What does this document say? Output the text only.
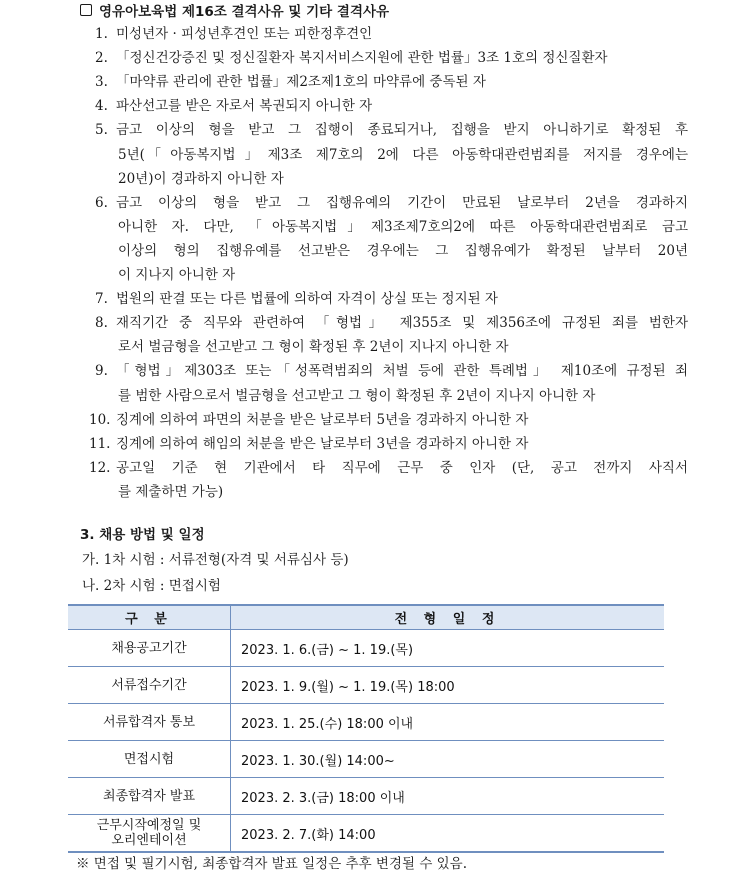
영유아보육법 제16조 결격사유 및 기타 결격사유
1. 미성년자 · 피성년후견인 또는 피한정후견인
2. 「정신건강증진 및 정신질환자 복지서비스지원에 관한 법률」3조 1호의 정신질환자
3. 「마약류 관리에 관한 법률」제2조제1호의 마약류에 중독된 자
4. 파산선고를 받은 자로서 복권되지 아니한 자
5. 금고 이상의 형을 받고 그 집행이 종료되거나, 집행을 받지 아니하기로 확정된 후
5년(「아동복지법」제3조 제7호의 2에 다른 아동학대관련범죄를 저지를 경우에는
20년)이 경과하지 아니한 자
6. 금고 이상의 형을 받고 그 집행유예의 기간이 만료된 날로부터 2년을 경과하지
아니한 자. 다만, 「아동복지법」제3조제7호의2에 따른 아동학대관련범죄로 금고
이상의 형의 집행유예를 선고받은 경우에는 그 집행유예가 확정된 날부터 20년
이 지나지 아니한 자
7. 법원의 판결 또는 다른 법률에 의하여 자격이 상실 또는 정지된 자
8. 재직기간 중 직무와 관련하여 「형법」 제355조 및 제356조에 규정된 죄를 범한자
로서 벌금형을 선고받고 그 형이 확정된 후 2년이 지나지 아니한 자
9. 「형법」제303조 또는「성폭력범죄의 처벌 등에 관한 특례법」 제10조에 규정된 죄
를 범한 사람으로서 벌금형을 선고받고 그 형이 확정된 후 2년이 지나지 아니한 자
10. 징계에 의하여 파면의 처분을 받은 날로부터 5년을 경과하지 아니한 자
11. 징계에 의하여 해임의 처분을 받은 날로부터 3년을 경과하지 아니한 자
12. 공고일 기준 현 기관에서 타 직무에 근무 중 인자 (단, 공고 전까지 사직서
를 제출하면 가능)
3. 채용 방법 및 일정
가. 1차 시험 : 서류전형(자격 및 서류심사 등)
나. 2차 시험 : 면접시험
구 분	전 형 일 정
채용공고기간	2023. 1. 6.(금) ~ 1. 19.(목)
서류접수기간	2023. 1. 9.(월) ~ 1. 19.(목) 18:00
서류합격자 통보	2023. 1. 25.(수) 18:00 이내
면접시험	2023. 1. 30.(월) 14:00~
최종합격자 발표	2023. 2. 3.(금) 18:00 이내
근무시작예정일 및
오리엔테이션	2023. 2. 7.(화) 14:00
※ 면접 및 필기시험, 최종합격자 발표 일정은 추후 변경될 수 있음.
